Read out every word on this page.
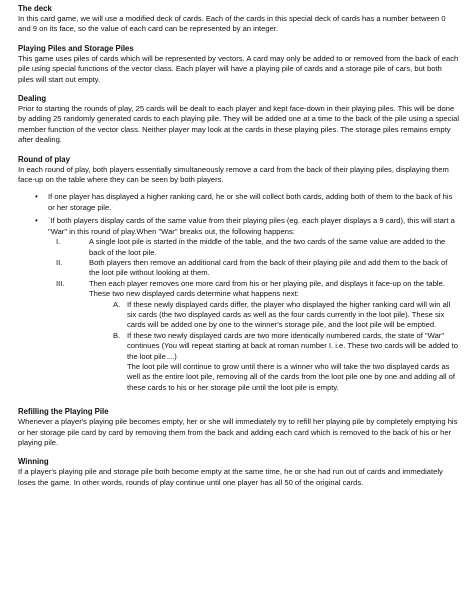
The deck

In this card game, we will use a modified deck of cards. Each of the cards in this special deck of cards has a number between 0 and 9 on its face, so the value of each card can be represented by an integer.

Playing Piles and Storage Piles

This game uses piles of cards which will be represented by vectors. A card may only be added to or removed from the back of each pile using special functions of the vector class. Each player will have a playing pile of cards and a storage pile of cars, but both piles will start out empty.

Dealing

Prior to starting the rounds of play, 25 cards will be dealt to each player and kept face-down in their playing piles. This will be done by adding 25 randomly generated cards to each playing pile. They will be added one at a time to the back of the pile using a special member function of the vector class. Neither player may look at the cards in these playing piles. The storage piles remains empty after dealing.

Round of play

In each round of play, both players essentially simultaneously remove a card from the back of their playing piles, displaying them face-up on the table where they can be seen by both players.

• If one player has displayed a higher ranking card, he or she will collect both cards, adding both of them to the back of his or her storage pile.
• `If both players display cards of the same value from their playing piles (eg. each player displays a 9 card), this will start a "War" in this round of play.When "War" breaks out, the following happens:
I.	A single loot pile is started in the middle of the table, and the two cards of the same value are added to the back of the loot pile.
II.	Both players then remove an additional card from the back of their playing pile and add them to the back of the loot pile without looking at them.
III.	Then each player removes one more card from his or her playing pile, and displays it face-up on the table. These two new displayed cards determine what happens next:
A. If these newly displayed cards differ, the player who displayed the higher ranking card will win all six cards (the two displayed cards as well as the four cards currently in the loot pile). These six cards will be added one by one to the winner's storage pile, and the loot pile will be emptied.
B. If these two newly displayed cards are two more identically numbered cards, the state of "War" continues (You will repeat starting at back at roman number I. i.e. These two cards will be added to the loot pile....)

The loot pile will continue to grow until there is a winner who will take the two displayed cards as well as the entire loot pile, removing all of the cards from the loot pile one by one and adding all of these cards to his or her storage pile until the loot pile is empty.

Refilling the Playing Pile

Whenever a player's playing pile becomes empty, her or she will immediately try to refill her playing pile by completely emptying his or her storage pile card by card by removing them from the back and adding each card which is removed to the back of his or her playing pile.

Winning

If a player's playing pile and storage pile both become empty at the same time, he or she had run out of cards and immediately loses the game. In other words, rounds of play continue until one player has all 50 of the original cards.
